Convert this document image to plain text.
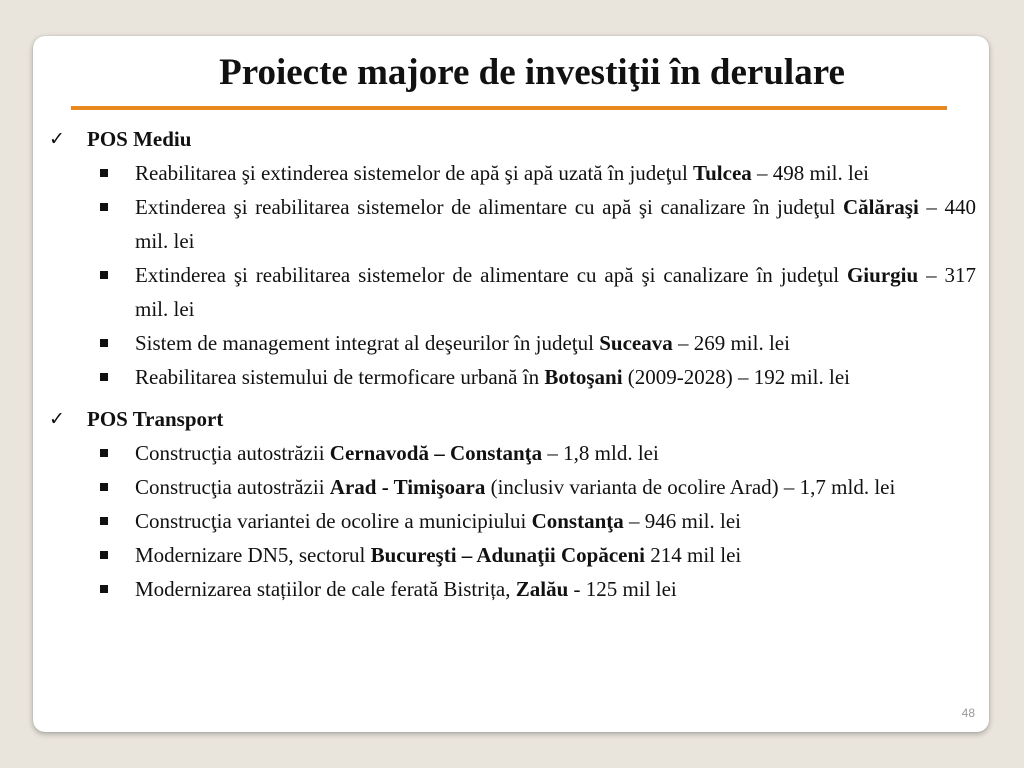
Proiecte majore de investiţii în derulare
✓ POS Mediu
Reabilitarea şi extinderea sistemelor de apă şi apă uzată în judeţul Tulcea – 498 mil. lei
Extinderea şi reabilitarea sistemelor de alimentare cu apă şi canalizare în judeţul Călăraşi – 440 mil. lei
Extinderea şi reabilitarea sistemelor de alimentare cu apă şi canalizare în judeţul Giurgiu – 317 mil. lei
Sistem de management integrat al deşeurilor în judeţul Suceava – 269 mil. lei
Reabilitarea sistemului de termoficare urbană în Botoşani (2009-2028) – 192 mil. lei
✓ POS Transport
Construcţia autostrăzii Cernavodă – Constanţa – 1,8 mld. lei
Construcţia autostrăzii Arad - Timişoara (inclusiv varianta de ocolire Arad) – 1,7 mld. lei
Construcţia variantei de ocolire a municipiului Constanţa – 946 mil. lei
Modernizare DN5, sectorul Bucureşti – Adunaţii Copăceni 214 mil lei
Modernizarea stațiilor de cale ferată Bistrița, Zalău - 125 mil lei
48
